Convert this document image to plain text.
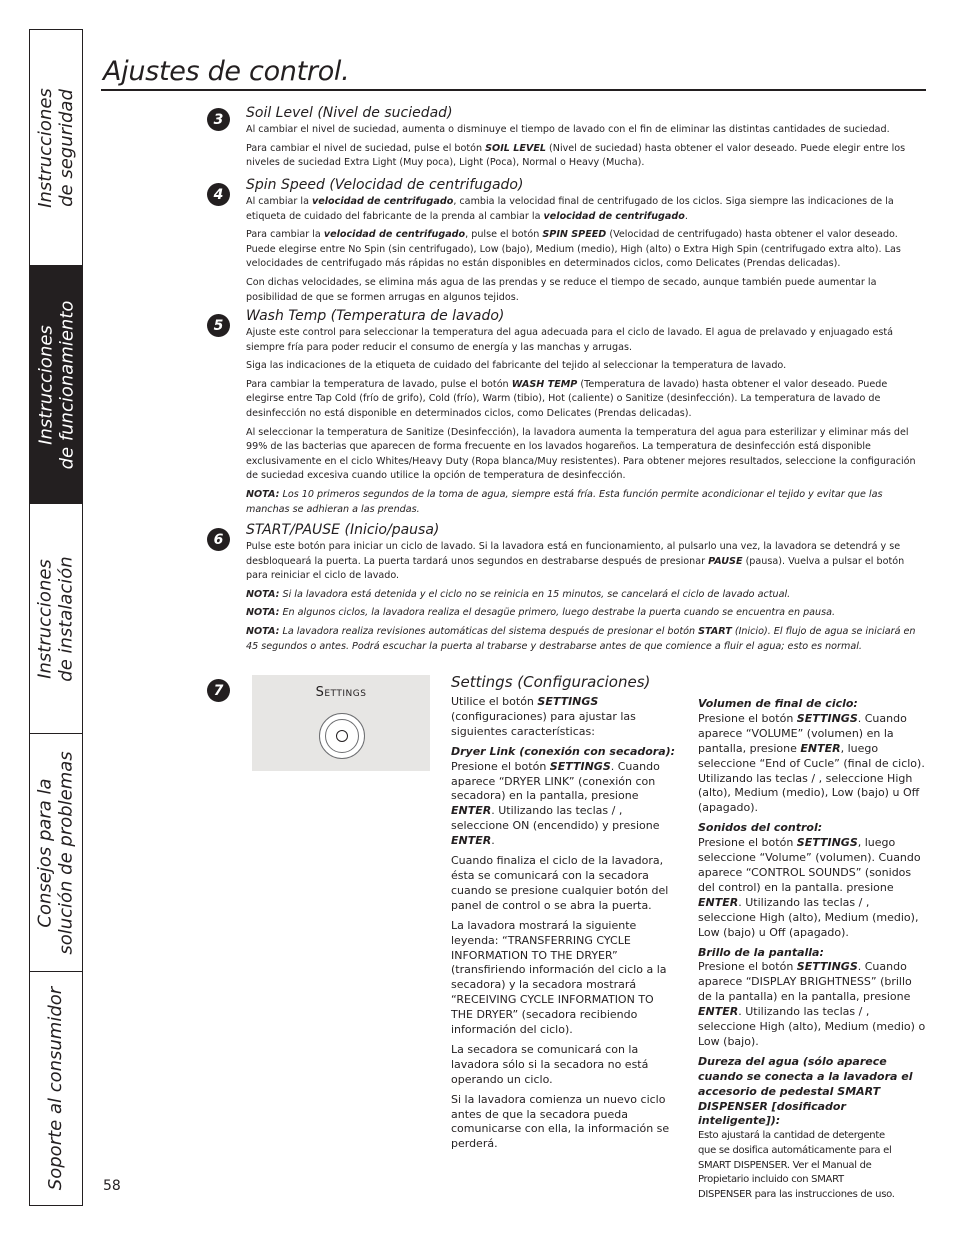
Instrucciones de seguridad
Instrucciones de funcionamiento
Instrucciones de instalación
Consejos para la solución de problemas
Soporte al consumidor
Ajustes de control.
3	Soil Level (Nivel de suciedad)

Al cambiar el nivel de suciedad, aumenta o disminuye el tiempo de lavado con el fin de eliminar las distintas cantidades de suciedad.

Para cambiar el nivel de suciedad, pulse el botón SOIL LEVEL (Nivel de suciedad) hasta obtener el valor deseado. Puede elegir entre los niveles de suciedad Extra Light (Muy poca), Light (Poca), Normal o Heavy (Mucha).

4
Spin Speed (Velocidad de centrifugado)

Al cambiar la velocidad de centrifugado, cambia la velocidad final de centrifugado de los ciclos. Siga siempre las indicaciones de la etiqueta de cuidado del fabricante de la prenda al cambiar la velocidad de centrifugado.

Para cambiar la velocidad de centrifugado, pulse el botón SPIN SPEED (Velocidad de centrifugado) hasta obtener el valor deseado. Puede elegirse entre No Spin (sin centrifugado), Low (bajo), Medium (medio), High (alto) o Extra High Spin (centrifugado extra alto). Las velocidades de centrifugado más rápidas no están disponibles en determinados ciclos, como Delicates (Prendas delicadas).

Con dichas velocidades, se elimina más agua de las prendas y se reduce el tiempo de secado, aunque también puede aumentar la posibilidad de que se formen arrugas en algunos tejidos.

5
Wash Temp (Temperatura de lavado)

Ajuste este control para seleccionar la temperatura del agua adecuada para el ciclo de lavado. El agua de prelavado y enjuagado está siempre fría para poder reducir el consumo de energía y las manchas y arrugas.

Siga las indicaciones de la etiqueta de cuidado del fabricante del tejido al seleccionar la temperatura de lavado.

Para cambiar la temperatura de lavado, pulse el botón WASH TEMP (Temperatura de lavado) hasta obtener el valor deseado. Puede elegirse entre Tap Cold (frío de grifo), Cold (frío), Warm (tibio), Hot (caliente) o Sanitize (desinfección). La temperatura de lavado de desinfección no está disponible en determinados ciclos, como Delicates (Prendas delicadas).

Al seleccionar la temperatura de Sanitize (Desinfección), la lavadora aumenta la temperatura del agua para esterilizar y eliminar más del 99% de las bacterias que aparecen de forma frecuente en los lavados hogareños. La temperatura de desinfección está disponible exclusivamente en el ciclo Whites/Heavy Duty (Ropa blanca/Muy resistentes). Para obtener mejores resultados, seleccione la configuración de suciedad excesiva cuando utilice la opción de temperatura de desinfección.

NOTA: Los 10 primeros segundos de la toma de agua, siempre está fría. Esta función permite acondicionar el tejido y evitar que las manchas se adhieran a las prendas.

6
START/PAUSE (Inicio/pausa)

Pulse este botón para iniciar un ciclo de lavado. Si la lavadora está en funcionamiento, al pulsarlo una vez, la lavadora se detendrá y se desbloqueará la puerta. La puerta tardará unos segundos en destrabarse después de presionar PAUSE (pausa). Vuelva a pulsar el botón para reiniciar el ciclo de lavado.

NOTA: Si la lavadora está detenida y el ciclo no se reinicia en 15 minutos, se cancelará el ciclo de lavado actual.

NOTA: En algunos ciclos, la lavadora realiza el desagüe primero, luego destrabe la puerta cuando se encuentra en pausa.

NOTA: La lavadora realiza revisiones automáticas del sistema después de presionar el botón START (Inicio). El flujo de agua se iniciará en 45 segundos o antes. Podrá escuchar la puerta al trabarse y destrabarse antes de que comience a fluir el agua; esto es normal.

7	Settings
Settings (Configuraciones)

Utilice el botón SETTINGS (configuraciones) para ajustar las siguientes características:

Dryer Link (conexión con secadora):

Presione el botón SETTINGS. Cuando aparece “DRYER LINK” (conexión con secadora) en la pantalla, presione ENTER. Utilizando las teclas / , seleccione ON (encendido) y presione ENTER.

Cuando finaliza el ciclo de la lavadora, ésta se comunicará con la secadora cuando se presione cualquier botón del panel de control o se abra la puerta.

La lavadora mostrará la siguiente leyenda: “TRANSFERRING CYCLE INFORMATION TO THE DRYER” (transfiriendo información del ciclo a la secadora) y la secadora mostrará “RECEIVING CYCLE INFORMATION TO THE DRYER” (secadora recibiendo información del ciclo).

La secadora se comunicará con la lavadora sólo si la secadora no está operando un ciclo.

Si la lavadora comienza un nuevo ciclo antes de que la secadora pueda comunicarse con ella, la información se perderá.

Volumen de final de ciclo:

Presione el botón SETTINGS. Cuando aparece “VOLUME” (volumen) en la pantalla, presione ENTER, luego seleccione “End of Cucle” (final de ciclo). Utilizando las teclas / , seleccione High (alto), Medium (medio), Low (bajo) u Off (apagado).

Sonidos del control:

Presione el botón SETTINGS, luego seleccione “Volume” (volumen). Cuando aparece “CONTROL SOUNDS” (sonidos del control) en la pantalla. presione ENTER. Utilizando las teclas / , seleccione High (alto), Medium (medio), Low (bajo) u Off (apagado).

Brillo de la pantalla:

Presione el botón SETTINGS. Cuando aparece “DISPLAY BRIGHTNESS” (brillo de la pantalla) en la pantalla, presione ENTER. Utilizando las teclas / , seleccione High (alto), Medium (medio) o Low (bajo).

Dureza del agua (sólo aparece cuando se conecta a la lavadora el accesorio de pedestal SMART DISPENSER [dosificador inteligente]):

Esto ajustará la cantidad de detergente que se dosifica automáticamente para el SMART DISPENSER. Ver el Manual de Propietario incluido con SMART DISPENSER para las instrucciones de uso.

58
